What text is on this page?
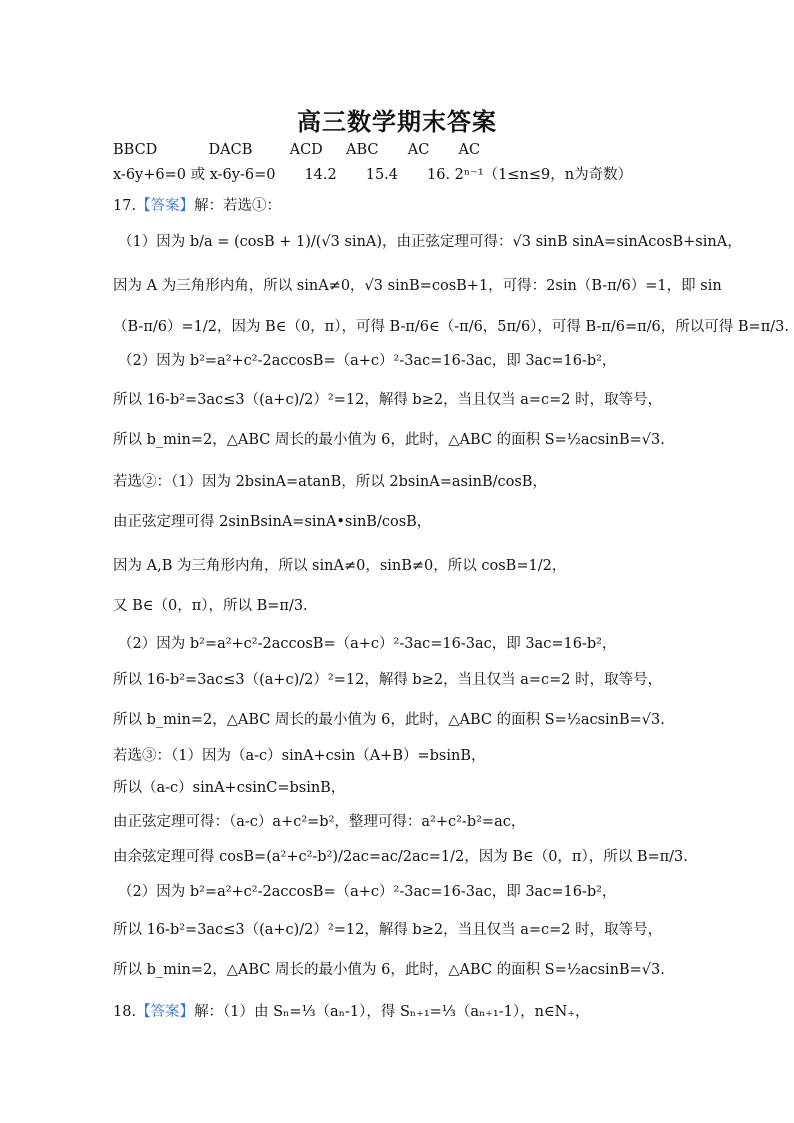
高三数学期末答案
BBCD	DACB	ACD ABC AC AC
x-6y+6=0 或 x-6y-6=0　　14.2　　15.4　　16. 2ⁿ⁻¹（1≤n≤9，n为奇数）
17.【答案】解：若选①：
（1）因为 b/a = (cosB + 1)/(√3 sinA)，由正弦定理可得：√3 sinB sinA=sinAcosB+sinA，
因为 A 为三角形内角，所以 sinA≠0，√3 sinB=cosB+1，可得：2sin（B-π/6）=1，即 sin
（B-π/6）=1/2，因为 B∈（0，π），可得 B-π/6∈（-π/6，5π/6），可得 B-π/6=π/6，所以可得 B=π/3.
（2）因为 b²=a²+c²-2accosB=（a+c）²-3ac=16-3ac，即 3ac=16-b²，
所以 16-b²=3ac≤3（(a+c)/2）²=12，解得 b≥2，当且仅当 a=c=2 时，取等号，
所以 b_min=2，△ABC 周长的最小值为 6，此时，△ABC 的面积 S=½acsinB=√3.
若选②：（1）因为 2bsinA=atanB，所以 2bsinA=asinB/cosB，
由正弦定理可得 2sinBsinA=sinA•sinB/cosB，
因为 A,B 为三角形内角，所以 sinA≠0，sinB≠0，所以 cosB=1/2，
又 B∈（0，π），所以 B=π/3.
（2）因为 b²=a²+c²-2accosB=（a+c）²-3ac=16-3ac，即 3ac=16-b²，
所以 16-b²=3ac≤3（(a+c)/2）²=12，解得 b≥2，当且仅当 a=c=2 时，取等号，
所以 b_min=2，△ABC 周长的最小值为 6，此时，△ABC 的面积 S=½acsinB=√3.
若选③：（1）因为（a-c）sinA+csin（A+B）=bsinB，
所以（a-c）sinA+csinC=bsinB，
由正弦定理可得：（a-c）a+c²=b²，整理可得：a²+c²-b²=ac，
由余弦定理可得 cosB=(a²+c²-b²)/2ac=ac/2ac=1/2，因为 B∈（0，π），所以 B=π/3.
（2）因为 b²=a²+c²-2accosB=（a+c）²-3ac=16-3ac，即 3ac=16-b²，
所以 16-b²=3ac≤3（(a+c)/2）²=12，解得 b≥2，当且仅当 a=c=2 时，取等号，
所以 b_min=2，△ABC 周长的最小值为 6，此时，△ABC 的面积 S=½acsinB=√3.
18.【答案】解：（1）由 Sₙ=⅓（aₙ-1），得 Sₙ₊₁=⅓（aₙ₊₁-1），n∈N₊，
